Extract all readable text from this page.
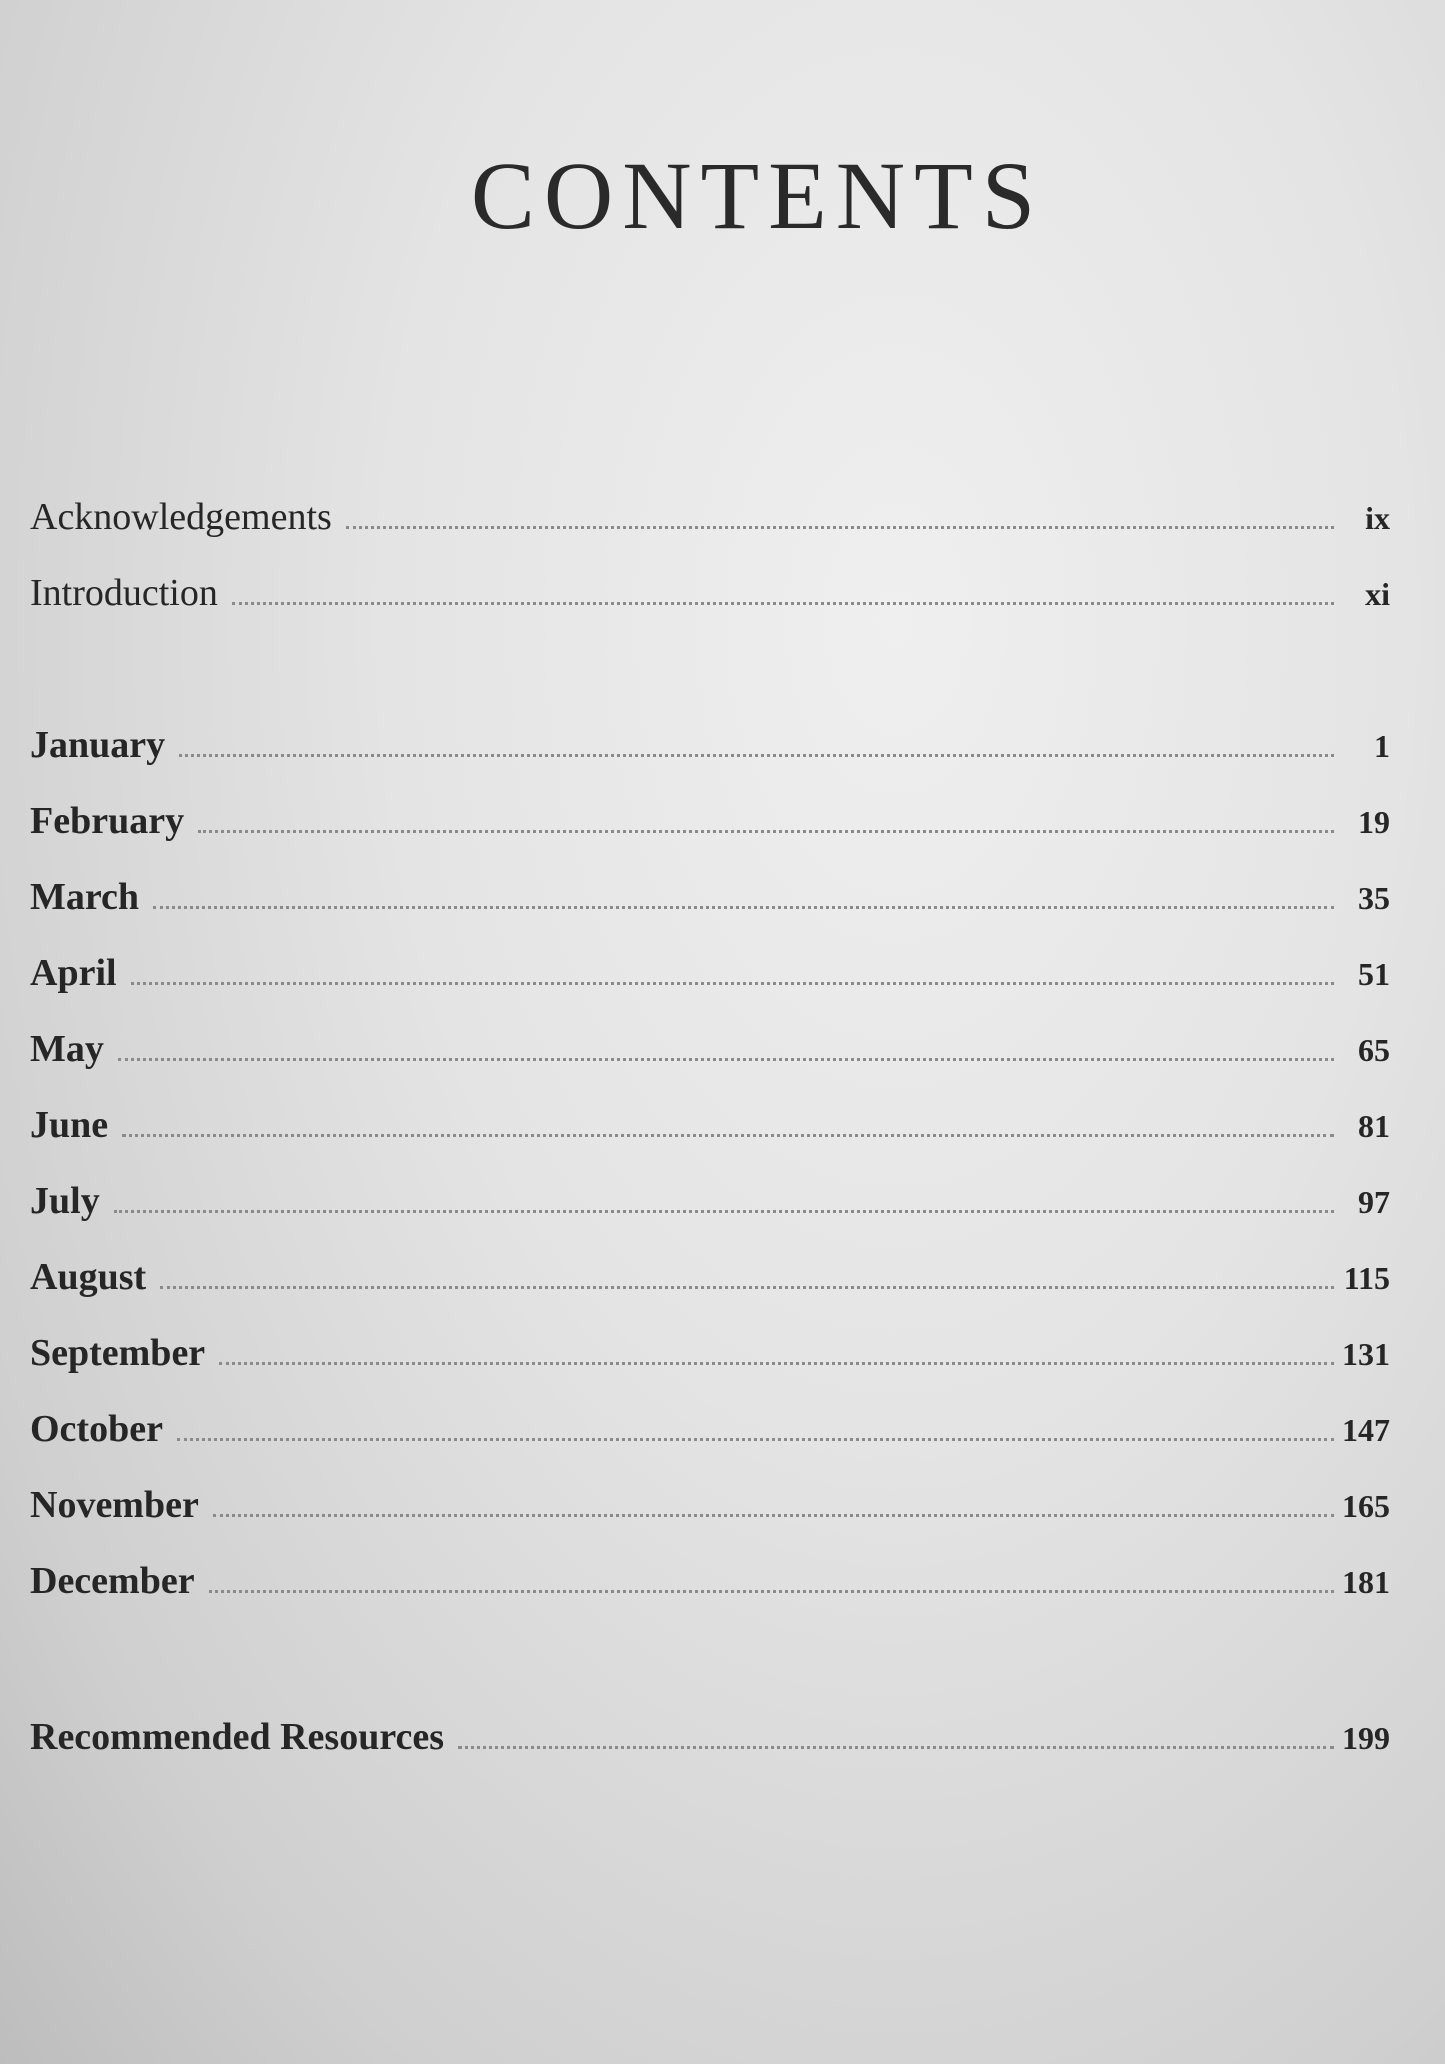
CONTENTS
Acknowledgements	ix
Introduction	xi
January	1
February	19
March	35
April	51
May	65
June	81
July	97
August	115
September	131
October	147
November	165
December	181
Recommended Resources	199
